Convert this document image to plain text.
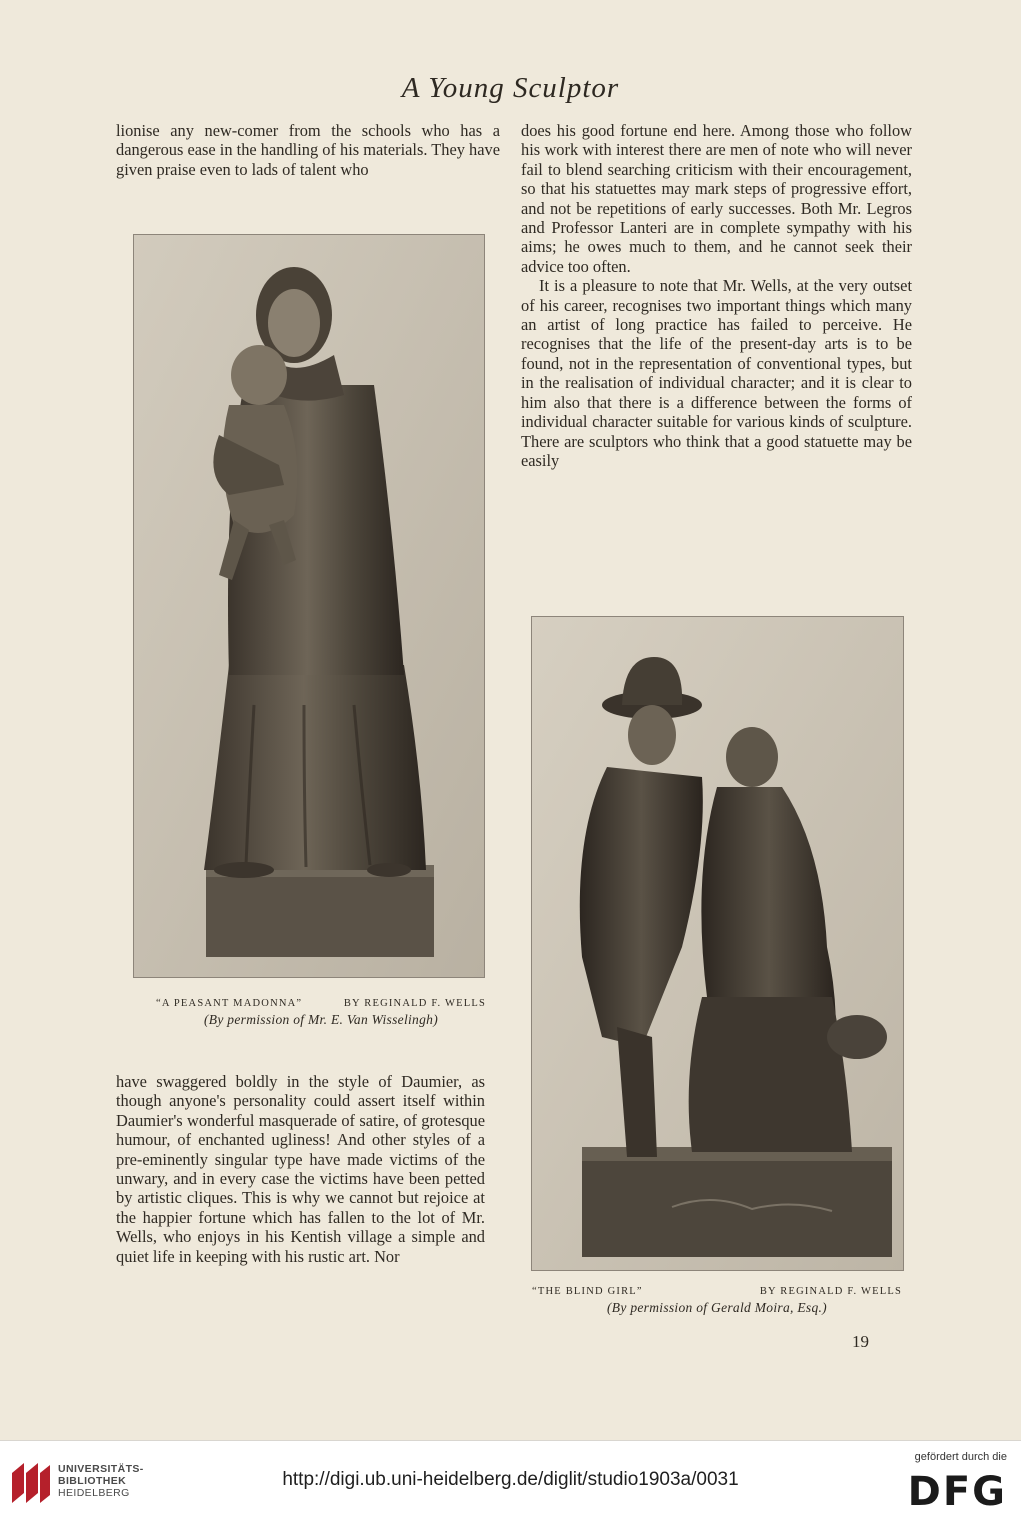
A Young Sculptor

lionise any new-comer from the schools who has a dangerous ease in the handling of his materials. They have given praise even to lads of talent who

does his good fortune end here. Among those who follow his work with interest there are men of note who will never fail to blend searching criticism with their encouragement, so that his statuettes may mark steps of progressive effort, and not be repetitions of early successes. Both Mr. Legros and Professor Lanteri are in complete sympathy with his aims; he owes much to them, and he cannot seek their advice too often.

It is a pleasure to note that Mr. Wells, at the very outset of his career, recognises two important things which many an artist of long practice has failed to perceive. He recognises that the life of the present-day arts is to be found, not in the representation of conventional types, but in the realisation of individual character; and it is clear to him also that there is a difference between the forms of individual character suitable for various kinds of sculpture. There are sculptors who think that a good statuette may be easily

“A PEASANT MADONNA”	BY REGINALD F. WELLS
(By permission of Mr. E. Van Wisselingh)

have swaggered boldly in the style of Daumier, as though anyone's personality could assert itself within Daumier's wonderful masquerade of satire, of grotesque humour, of enchanted ugliness! And other styles of a pre-eminently singular type have made victims of the unwary, and in every case the victims have been petted by artistic cliques. This is why we cannot but rejoice at the happier fortune which has fallen to the lot of Mr. Wells, who enjoys in his Kentish village a simple and quiet life in keeping with his rustic art. Nor

“THE BLIND GIRL”	BY REGINALD F. WELLS
(By permission of Gerald Moira, Esq.)
19
UNIVERSITÄTS-
BIBLIOTHEK
HEIDELBERG
http://digi.ub.uni-heidelberg.de/diglit/studio1903a/0031
gefördert durch die
DFG
